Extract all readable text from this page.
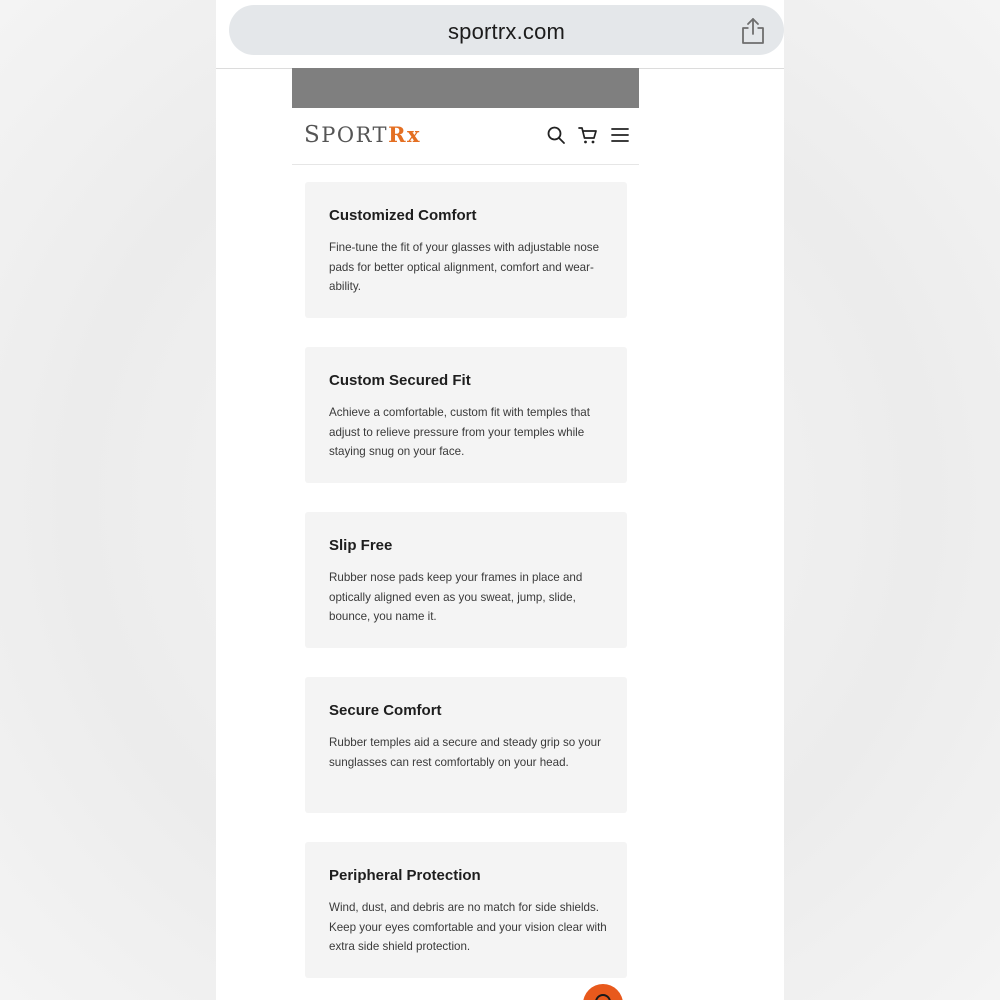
sportrx.com
SPORTRx
Customized Comfort
Fine-tune the fit of your glasses with adjustable nose pads for better optical alignment, comfort and wear-ability.
Custom Secured Fit
Achieve a comfortable, custom fit with temples that adjust to relieve pressure from your temples while staying snug on your face.
Slip Free
Rubber nose pads keep your frames in place and optically aligned even as you sweat, jump, slide, bounce, you name it.
Secure Comfort
Rubber temples aid a secure and steady grip so your sunglasses can rest comfortably on your head.
Peripheral Protection
Wind, dust, and debris are no match for side shields. Keep your eyes comfortable and your vision clear with extra side shield protection.
